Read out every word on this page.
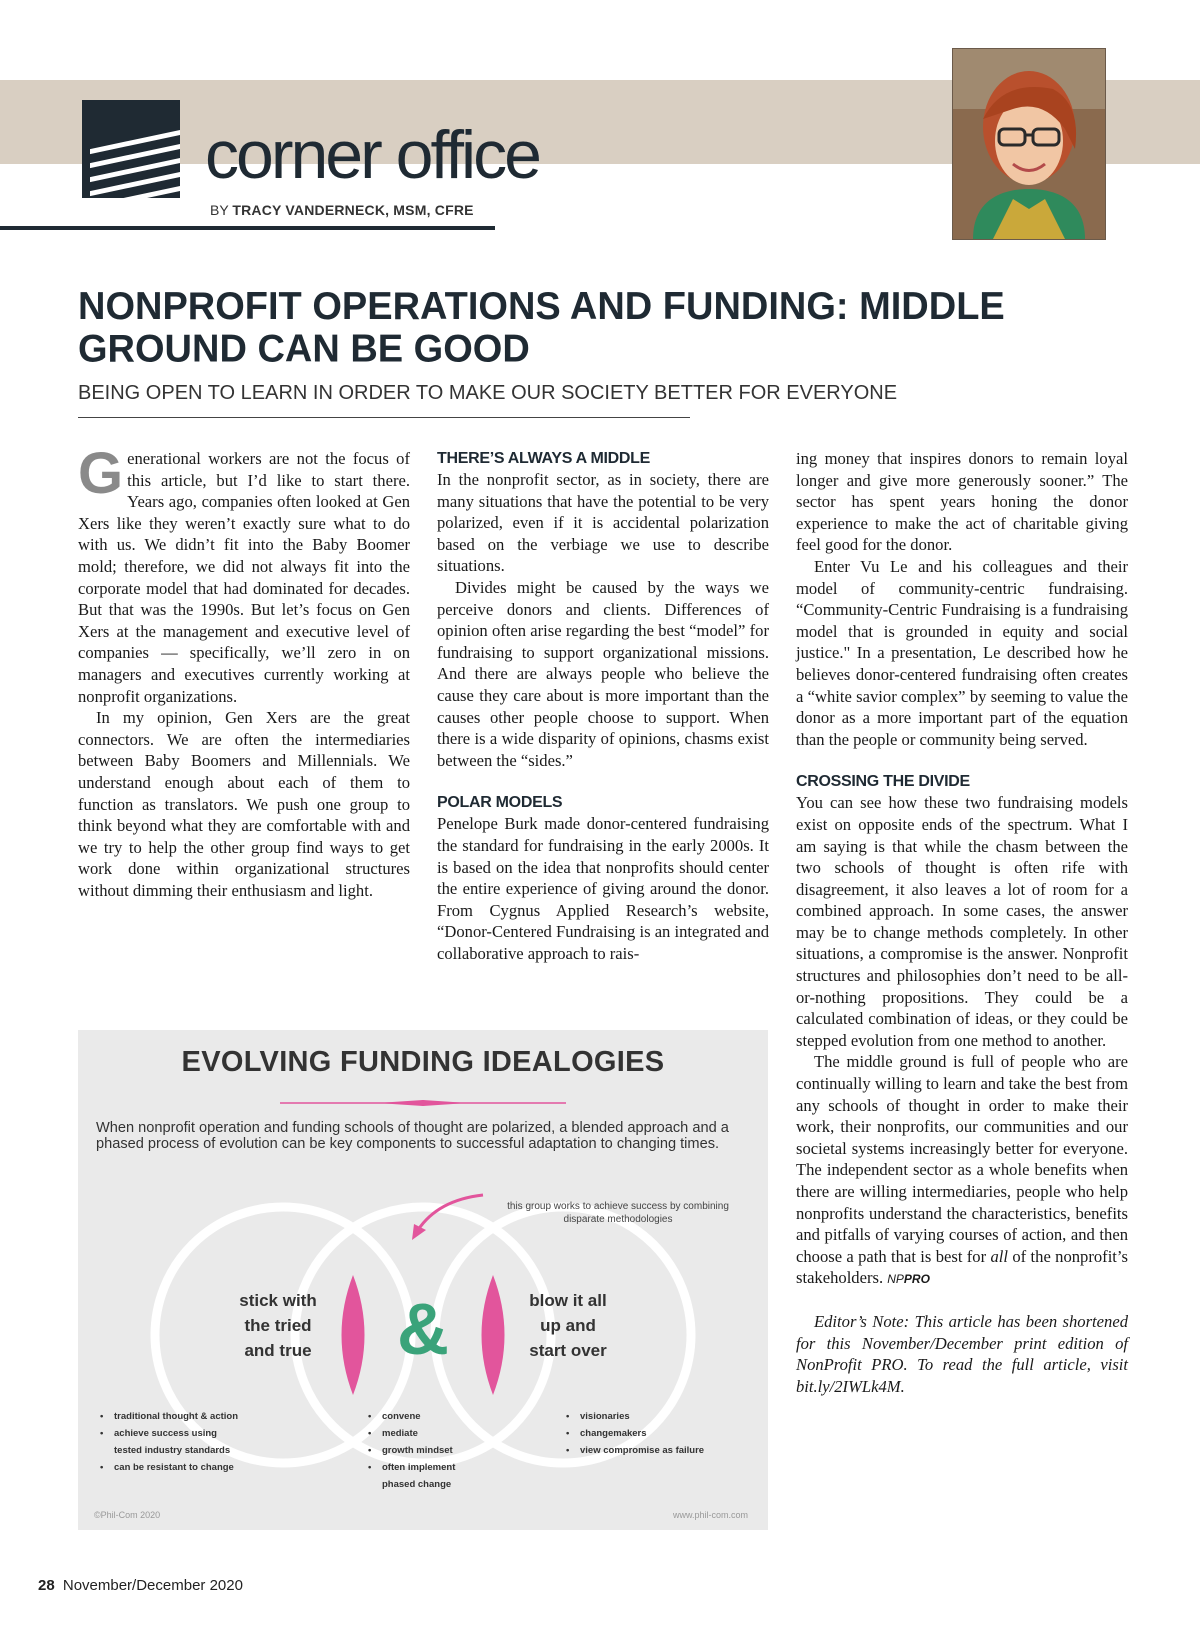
corner office
BY TRACY VANDERNECK, MSM, CFRE
NONPROFIT OPERATIONS AND FUNDING: MIDDLE GROUND CAN BE GOOD
BEING OPEN TO LEARN IN ORDER TO MAKE OUR SOCIETY BETTER FOR EVERYONE

Generational workers are not the focus of this article, but I’d like to start there. Years ago, companies often looked at Gen Xers like they weren’t exactly sure what to do with us. We didn’t fit into the Baby Boomer mold; therefore, we did not always fit into the corporate model that had dominated for decades. But that was the 1990s. But let’s focus on Gen Xers at the management and executive level of companies — specifically, we’ll zero in on managers and executives currently working at nonprofit organizations.

In my opinion, Gen Xers are the great connectors. We are often the intermediaries between Baby Boomers and Millennials. We understand enough about each of them to function as translators. We push one group to think beyond what they are comfortable with and we try to help the other group find ways to get work done within organizational structures without dimming their enthusiasm and light.

THERE’S ALWAYS A MIDDLE

In the nonprofit sector, as in society, there are many situations that have the potential to be very polarized, even if it is accidental polarization based on the verbiage we use to describe situations.

Divides might be caused by the ways we perceive donors and clients. Differences of opinion often arise regarding the best “model” for fundraising to support organizational missions. And there are always people who believe the cause they care about is more important than the causes other people choose to support. When there is a wide disparity of opinions, chasms exist between the “sides.”

POLAR MODELS

Penelope Burk made donor-centered fundraising the standard for fundraising in the early 2000s. It is based on the idea that nonprofits should center the entire experience of giving around the donor. From Cygnus Applied Research’s website, “Donor-Centered Fundraising is an integrated and collaborative approach to rais-

ing money that inspires donors to remain loyal longer and give more generously sooner.” The sector has spent years honing the donor experience to make the act of charitable giving feel good for the donor.

Enter Vu Le and his colleagues and their model of community-centric fundraising. “Community-Centric Fundraising is a fundraising model that is grounded in equity and social justice." In a presentation, Le described how he believes donor-centered fundraising often creates a “white savior complex” by seeming to value the donor as a more important part of the equation than the people or community being served.

CROSSING THE DIVIDE

You can see how these two fundraising models exist on opposite ends of the spectrum. What I am saying is that while the chasm between the two schools of thought is often rife with disagreement, it also leaves a lot of room for a combined approach. In some cases, the answer may be to change methods completely. In other situations, a compromise is the answer. Nonprofit structures and philosophies don’t need to be all-or-nothing propositions. They could be a calculated combination of ideas, or they could be stepped evolution from one method to another.

The middle ground is full of people who are continually willing to learn and take the best from any schools of thought in order to make their work, their nonprofits, our communities and our societal systems increasingly better for everyone. The independent sector as a whole benefits when there are willing intermediaries, people who help nonprofits understand the characteristics, benefits and pitfalls of varying courses of action, and then choose a path that is best for all of the nonprofit’s stakeholders. NPPRO

Editor’s Note: This article has been shortened for this November/December print edition of NonProfit PRO. To read the full article, visit bit.ly/2IWLk4M.

EVOLVING FUNDING IDEALOGIES
When nonprofit operation and funding schools of thought are polarized, a blended approach and a phased process of evolution can be key components to successful adaptation to changing times.
this group works to achieve success by combining disparate methodologies
stick with
the tried
and true	&	blow it all
up and
start over
• traditional thought & action
• achieve success using
tested industry standards
• can be resistant to change
• convene
• mediate
• growth mindset
• often implement
phased change
• visionaries
• changemakers
• view compromise as failure
©Phil-Com 2020	www.phil-com.com
28 November/December 2020
